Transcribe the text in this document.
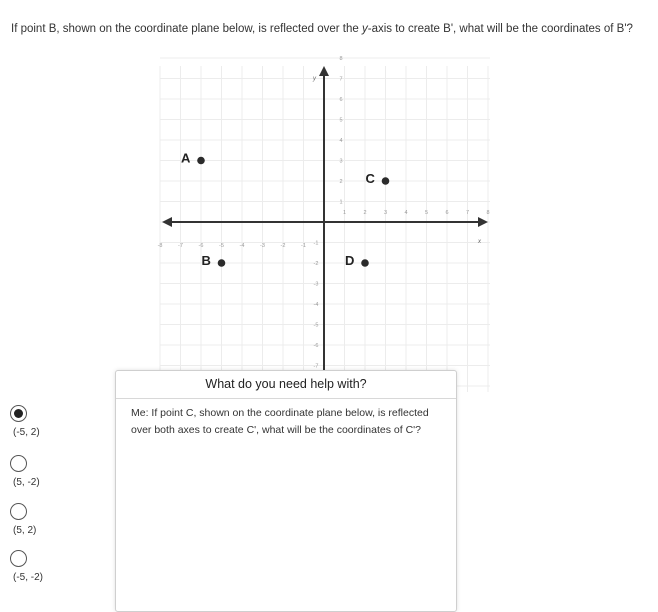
If point B, shown on the coordinate plane below, is reflected over the y-axis to create B', what will be the coordinates of B'?
x
y
-8	-7	-6	-5	-4	-3	-2	-1
1	2	3	4	5	6	7	8
8
7
6
5
4
3
2
1
-1
-2
-3
-4
-5
-6
-7
A
B
C
D
(-5, 2)
(5, -2)
(5, 2)
(-5, -2)
What do you need help with?
Me: If point C, shown on the coordinate plane below, is reflected over both axes to create C', what will be the coordinates of C'?
